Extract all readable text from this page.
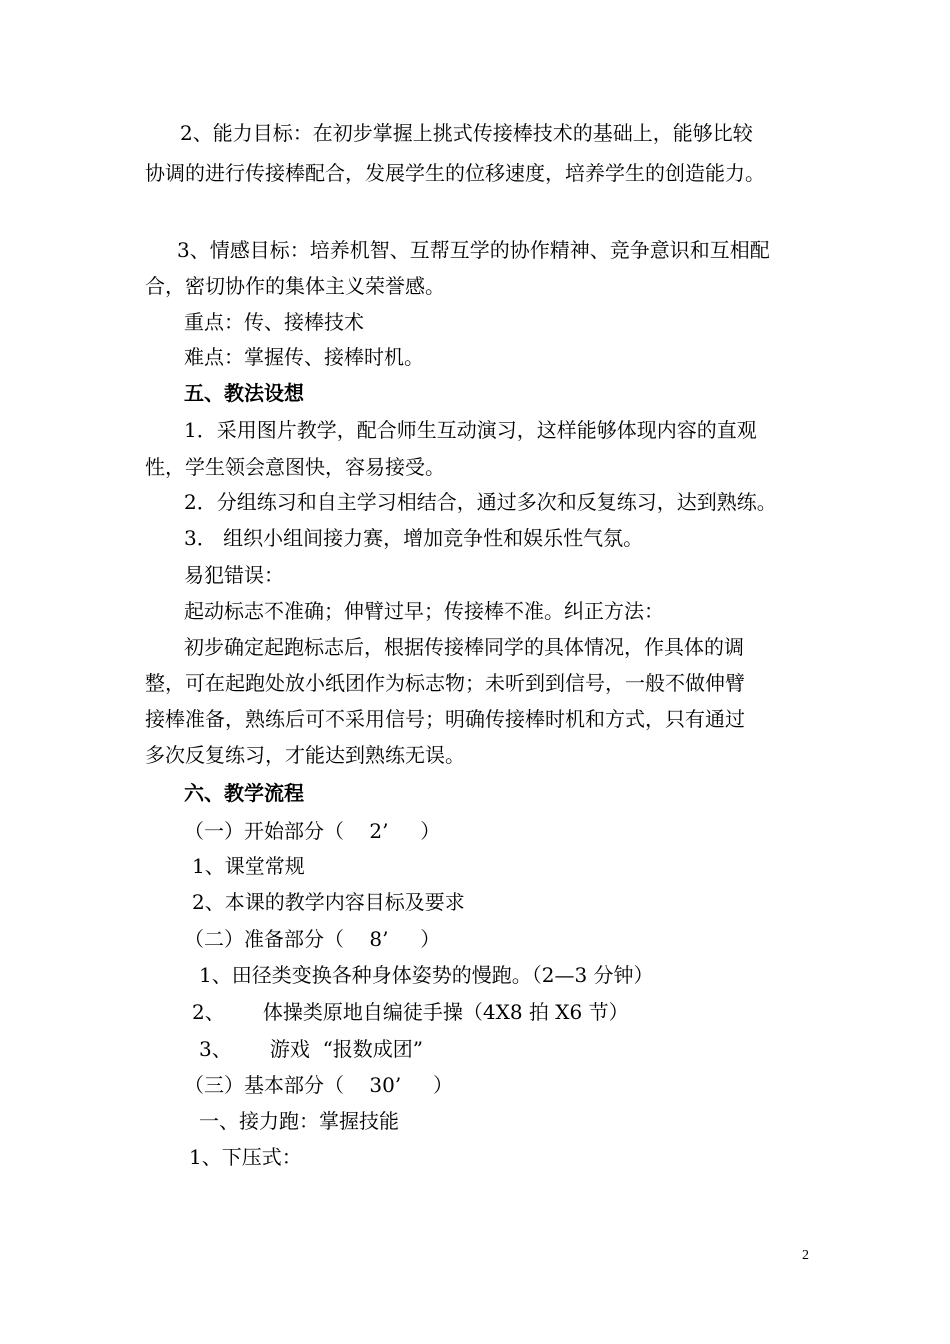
2、能力目标：在初步掌握上挑式传接棒技术的基础上，能够比较
协调的进行传接棒配合，发展学生的位移速度，培养学生的创造能力。
3、情感目标：培养机智、互帮互学的协作精神、竞争意识和互相配
合，密切协作的集体主义荣誉感。
重点：传、接棒技术
难点：掌握传、接棒时机。
五、教法设想
1．采用图片教学，配合师生互动演习，这样能够体现内容的直观
性，学生领会意图快，容易接受。
2．分组练习和自主学习相结合，通过多次和反复练习，达到熟练。
3． 组织小组间接力赛，增加竞争性和娱乐性气氛。
易犯错误：
起动标志不准确；伸臂过早；传接棒不准。纠正方法：
初步确定起跑标志后，根据传接棒同学的具体情况，作具体的调
整，可在起跑处放小纸团作为标志物；未听到到信号，一般不做伸臂
接棒准备，熟练后可不采用信号；明确传接棒时机和方式，只有通过
多次反复练习，才能达到熟练无误。
六、教学流程
（一）开始部分（    2’     ）
1、课堂常规
2、本课的教学内容目标及要求
（二）准备部分（    8’     ）
1、田径类变换各种身体姿势的慢跑。（2—3 分钟）
2、      体操类原地自编徒手操（4X8 拍 X6 节）
3、      游戏  “报数成团”
（三）基本部分（    30’     ）
一、接力跑：掌握技能
1、下压式：
2
